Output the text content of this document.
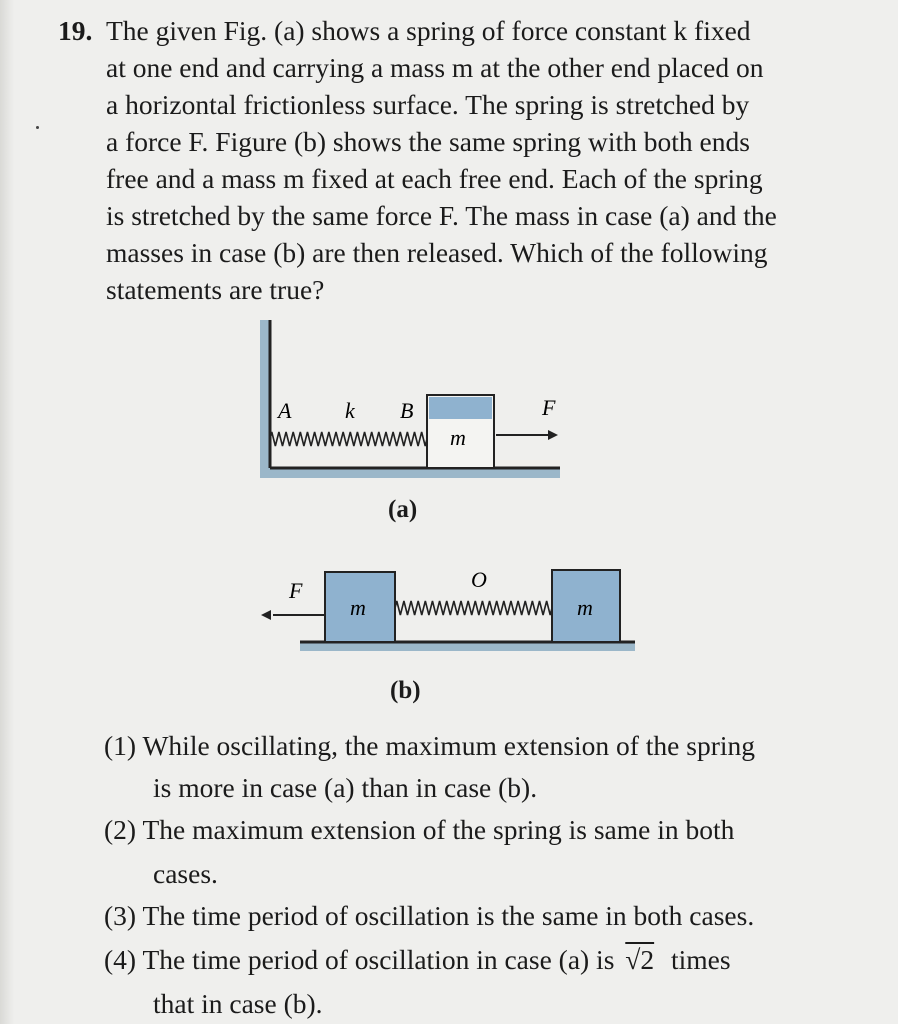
19. The given Fig. (a) shows a spring of force constant k fixed
at one end and carrying a mass m at the other end placed on
a horizontal frictionless surface. The spring is stretched by
a force F. Figure (b) shows the same spring with both ends
free and a mass m fixed at each free end. Each of the spring
is stretched by the same force F. The mass in case (a) and the
masses in case (b) are then released. Which of the following
statements are true?
A k B	F
m
(a)
F	O
m	m
(b)
(1) While oscillating, the maximum extension of the spring
is more in case (a) than in case (b).
(2) The maximum extension of the spring is same in both
cases.
(3) The time period of oscillation is the same in both cases.
(4) The time period of oscillation in case (a) is √2 times
that in case (b).
